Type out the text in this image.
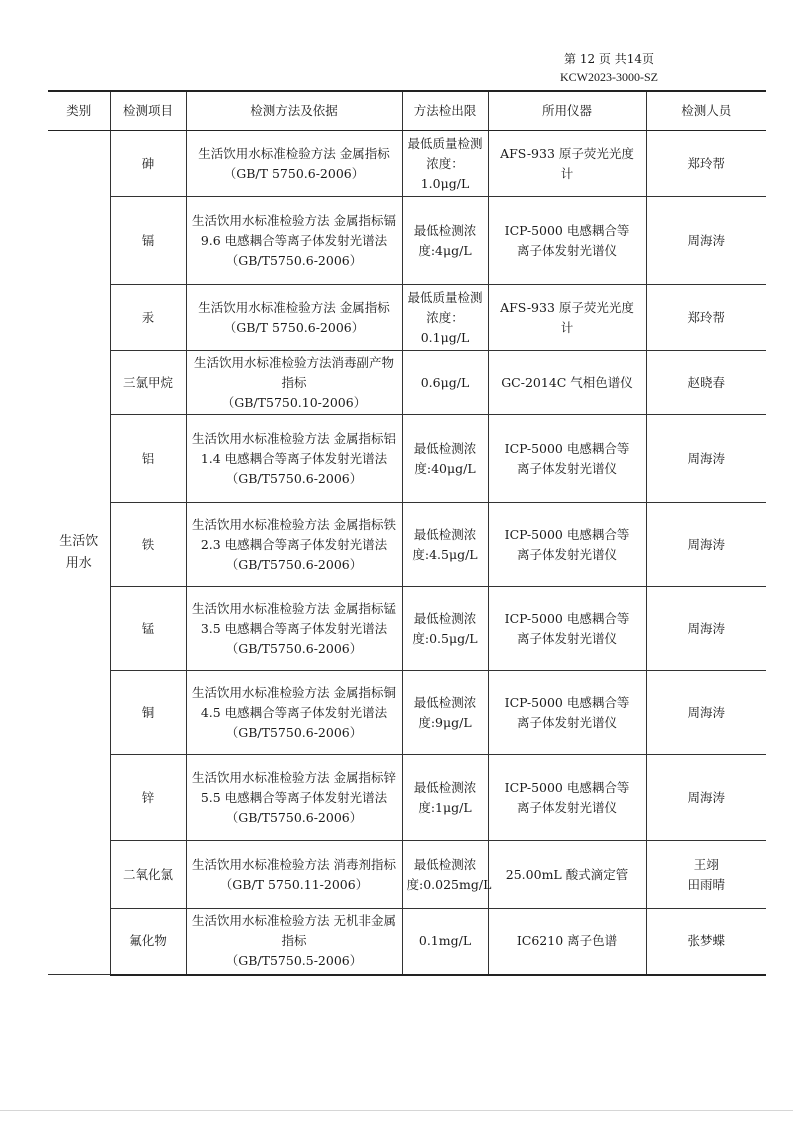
第 12 页 共14页
KCW2023-3000-SZ
类别	检测项目	检测方法及依据	方法检出限	所用仪器	检测人员
生活饮用水	砷	生活饮用水标准检验方法 金属指标
（GB/T 5750.6-2006）	最低质量检测浓度：1.0μg/L	AFS-933 原子荧光光度计	郑玲帮

	镉	生活饮用水标准检验方法 金属指标镉 9.6 电感耦合等离子体发射光谱法
（GB/T5750.6-2006）	最低检测浓度:4μg/L	ICP-5000 电感耦合等离子体发射光谱仪	周海涛

	汞	生活饮用水标准检验方法 金属指标
（GB/T 5750.6-2006）	最低质量检测浓度：0.1μg/L	AFS-933 原子荧光光度计	郑玲帮

	三氯甲烷	生活饮用水标准检验方法消毒副产物指标
（GB/T5750.10-2006）	0.6μg/L	GC-2014C 气相色谱仪	赵晓春

	铝	生活饮用水标准检验方法 金属指标铝 1.4 电感耦合等离子体发射光谱法
（GB/T5750.6-2006）	最低检测浓度:40μg/L	ICP-5000 电感耦合等离子体发射光谱仪	周海涛

	铁	生活饮用水标准检验方法 金属指标铁 2.3 电感耦合等离子体发射光谱法
（GB/T5750.6-2006）	最低检测浓度:4.5μg/L	ICP-5000 电感耦合等离子体发射光谱仪	周海涛

	锰	生活饮用水标准检验方法 金属指标锰 3.5 电感耦合等离子体发射光谱法
（GB/T5750.6-2006）	最低检测浓度:0.5μg/L	ICP-5000 电感耦合等离子体发射光谱仪	周海涛

	铜	生活饮用水标准检验方法 金属指标铜 4.5 电感耦合等离子体发射光谱法
（GB/T5750.6-2006）	最低检测浓度:9μg/L	ICP-5000 电感耦合等离子体发射光谱仪	周海涛

	锌	生活饮用水标准检验方法 金属指标锌 5.5 电感耦合等离子体发射光谱法
（GB/T5750.6-2006）	最低检测浓度:1μg/L	ICP-5000 电感耦合等离子体发射光谱仪	周海涛

	二氧化氯	生活饮用水标准检验方法 消毒剂指标
（GB/T 5750.11-2006）	最低检测浓度:0.025mg/L	25.00mL 酸式滴定管	王翊
田雨晴

	氟化物	生活饮用水标准检验方法 无机非金属指标
（GB/T5750.5-2006）	0.1mg/L	IC6210 离子色谱	张梦蝶
